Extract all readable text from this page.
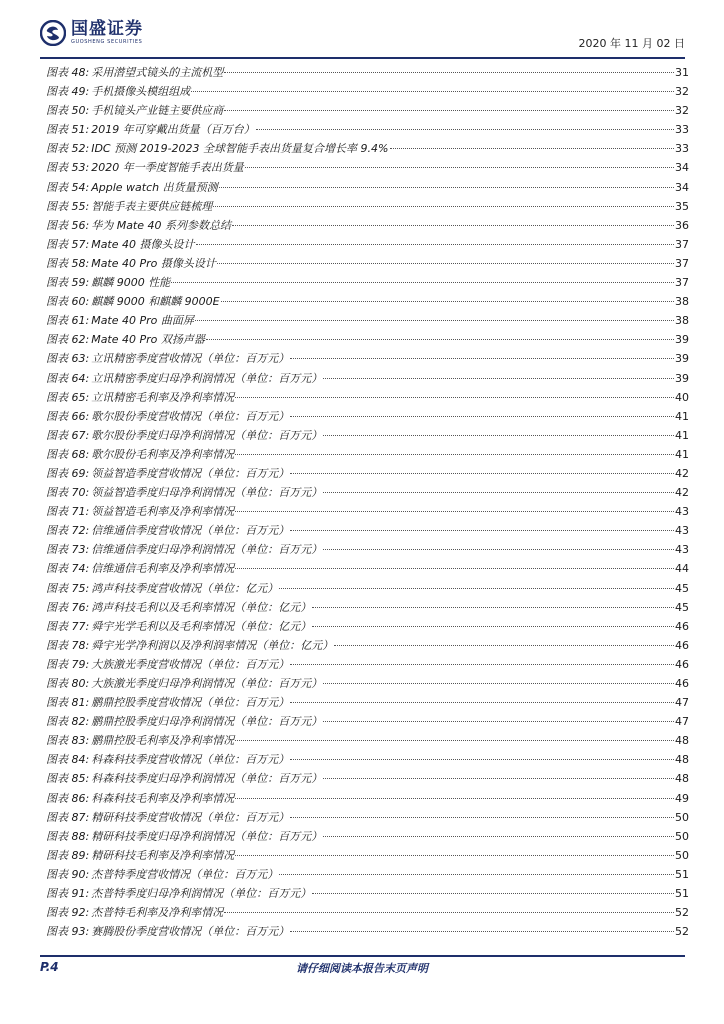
国盛证券
GUOSHENG SECURITIES	2020 年 11 月 02 日
图表 48: 采用潜望式镜头的主流机型	31
图表 49: 手机摄像头模组组成	32
图表 50: 手机镜头产业链主要供应商	32
图表 51: 2019 年可穿戴出货量（百万台）	33
图表 52: IDC 预测 2019-2023 全球智能手表出货量复合增长率 9.4%	33
图表 53: 2020 年一季度智能手表出货量	34
图表 54: Apple watch 出货量预测	34
图表 55: 智能手表主要供应链梳理	35
图表 56: 华为 Mate 40 系列参数总结	36
图表 57: Mate 40 摄像头设计	37
图表 58: Mate 40 Pro 摄像头设计	37
图表 59: 麒麟 9000 性能	37
图表 60: 麒麟 9000 和麒麟 9000E	38
图表 61: Mate 40 Pro 曲面屏	38
图表 62: Mate 40 Pro 双扬声器	39
图表 63: 立讯精密季度营收情况（单位：百万元）	39
图表 64: 立讯精密季度归母净利润情况（单位：百万元）	39
图表 65: 立讯精密毛利率及净利率情况	40
图表 66: 歌尔股份季度营收情况（单位：百万元）	41
图表 67: 歌尔股份季度归母净利润情况（单位：百万元）	41
图表 68: 歌尔股份毛利率及净利率情况	41
图表 69: 领益智造季度营收情况（单位：百万元）	42
图表 70: 领益智造季度归母净利润情况（单位：百万元）	42
图表 71: 领益智造毛利率及净利率情况	43
图表 72: 信维通信季度营收情况（单位：百万元）	43
图表 73: 信维通信季度归母净利润情况（单位：百万元）	43
图表 74: 信维通信毛利率及净利率情况	44
图表 75: 鸿声科技季度营收情况（单位：亿元）	45
图表 76: 鸿声科技毛利以及毛利率情况（单位：亿元）	45
图表 77: 舜宇光学毛利以及毛利率情况（单位：亿元）	46
图表 78: 舜宇光学净利润以及净利润率情况（单位：亿元）	46
图表 79: 大族激光季度营收情况（单位：百万元）	46
图表 80: 大族激光季度归母净利润情况（单位：百万元）	46
图表 81: 鹏鼎控股季度营收情况（单位：百万元）	47
图表 82: 鹏鼎控股季度归母净利润情况（单位：百万元）	47
图表 83: 鹏鼎控股毛利率及净利率情况	48
图表 84: 科森科技季度营收情况（单位：百万元）	48
图表 85: 科森科技季度归母净利润情况（单位：百万元）	48
图表 86: 科森科技毛利率及净利率情况	49
图表 87: 精研科技季度营收情况（单位：百万元）	50
图表 88: 精研科技季度归母净利润情况（单位：百万元）	50
图表 89: 精研科技毛利率及净利率情况	50
图表 90: 杰普特季度营收情况（单位：百万元）	51
图表 91: 杰普特季度归母净利润情况（单位：百万元）	51
图表 92: 杰普特毛利率及净利率情况	52
图表 93: 赛腾股份季度营收情况（单位：百万元）	52
请仔细阅读本报告末页声明
P.4
